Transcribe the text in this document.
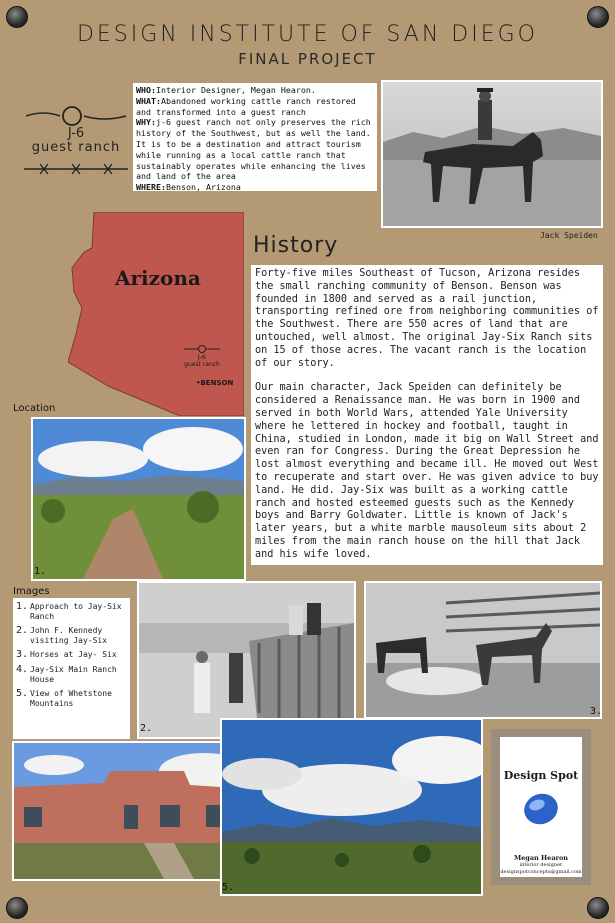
DESIGN INSTITUTE OF SAN DIEGO
FINAL PROJECT
J-6
guest ranch
WHO:Interior Designer, Megan Hearon.
WHAT:Abandoned working cattle ranch restored and transformed into a guest ranch
WHY:j-6 guest ranch not only preserves the rich history of the Southwest, but as well the land. It is to be a destination and attract tourism while running as a local cattle ranch that sustainably operates while enhancing the lives and land of the area
WHERE:Benson, Arizona
Jack Speiden
Arizona
J-6
guest ranch
•BENSON
History

Forty-five miles Southeast of Tucson, Arizona resides the small ranching community of Benson. Benson was founded in 1800 and served as a rail junction, transporting refined ore from neighboring communities of the Southwest. There are 550 acres of land that are untouched, well almost. The original Jay-Six Ranch sits on 15 of those acres. The vacant ranch is the location of our story.

Our main character, Jack Speiden can definitely be considered a Renaissance man. He was born in 1900 and served in both World Wars, attended Yale University where he lettered in hockey and football, taught in China, studied in London, made it big on Wall Street and even ran for Congress. During the Great Depression he lost almost everything and became ill. He moved out West to recuperate and start over. He was given advice to buy land. He did. Jay-Six was built as a working cattle ranch and hosted esteemed guests such as the Kennedy boys and Barry Goldwater. Little is known of Jack's later years, but a white marble mausoleum sits about 2 miles from the main ranch house on the hill that Jack and his wife loved.

Location
1.
Images
1. Approach to Jay-Six Ranch
2. John F. Kennedy visiting Jay-Six
3. Horses at Jay- Six
4. Jay-Six Main Ranch House
5. View of Whetstone Mountains
2.
3.
5.
Design Spot
Megan Hearon
interior designer
designspotconcepts@gmail.com
